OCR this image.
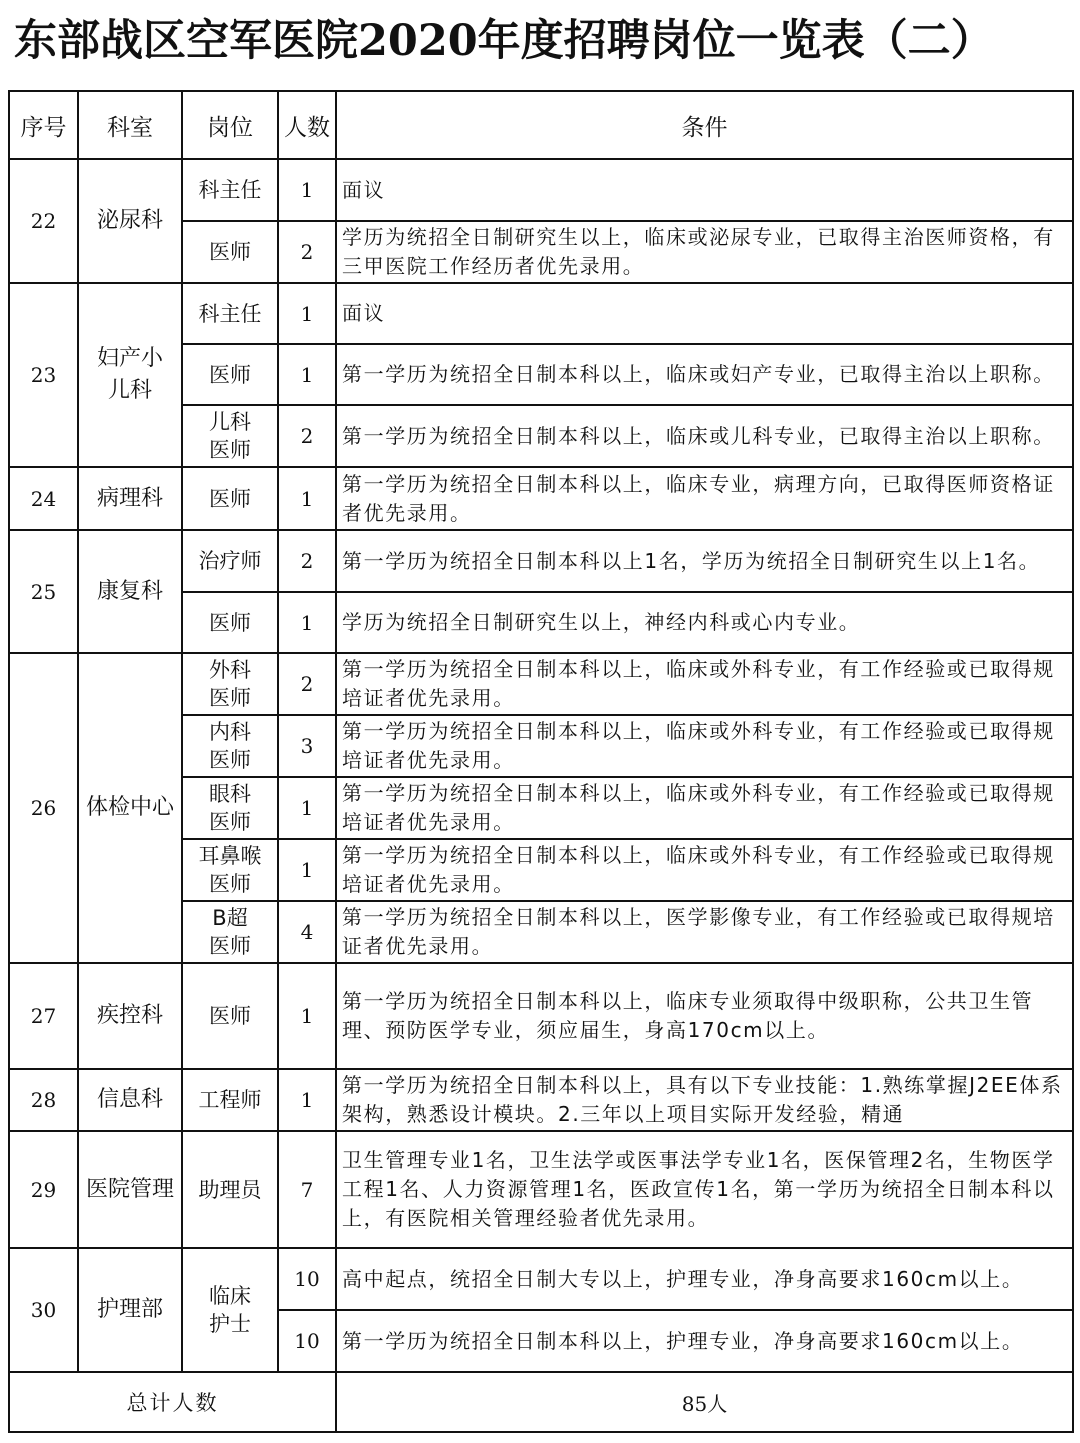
东部战区空军医院2020年度招聘岗位一览表（二）
序号	科室	岗位	人数	条件
22	泌尿科	科主任	1	面议
		医师	2	学历为统招全日制研究生以上，临床或泌尿专业，已取得主治医师资格，有三甲医院工作经历者优先录用。
23	妇产小儿科	科主任	1	面议
		医师	1	第一学历为统招全日制本科以上，临床或妇产专业，已取得主治以上职称。
		儿科医师	2	第一学历为统招全日制本科以上，临床或儿科专业，已取得主治以上职称。
24	病理科	医师	1	第一学历为统招全日制本科以上，临床专业，病理方向，已取得医师资格证者优先录用。
25	康复科	治疗师	2	第一学历为统招全日制本科以上1名，学历为统招全日制研究生以上1名。
		医师	1	学历为统招全日制研究生以上，神经内科或心内专业。
26	体检中心	外科医师	2	第一学历为统招全日制本科以上，临床或外科专业，有工作经验或已取得规培证者优先录用。
		内科医师	3	第一学历为统招全日制本科以上，临床或外科专业，有工作经验或已取得规培证者优先录用。
		眼科医师	1	第一学历为统招全日制本科以上，临床或外科专业，有工作经验或已取得规培证者优先录用。
		耳鼻喉医师	1	第一学历为统招全日制本科以上，临床或外科专业，有工作经验或已取得规培证者优先录用。
		B超医师	4	第一学历为统招全日制本科以上，医学影像专业，有工作经验或已取得规培证者优先录用。
27	疾控科	医师	1	第一学历为统招全日制本科以上，临床专业须取得中级职称，公共卫生管理、预防医学专业，须应届生，身高170cm以上。
28	信息科	工程师	1	第一学历为统招全日制本科以上，具有以下专业技能：1.熟练掌握J2EE体系架构，熟悉设计模块。2.三年以上项目实际开发经验，精通

29	医院管理	助理员	7	卫生管理专业1名，卫生法学或医事法学专业1名，医保管理2名，生物医学工程1名、人力资源管理1名，医政宣传1名，第一学历为统招全日制本科以上，有医院相关管理经验者优先录用。
30	护理部	临床护士	10	高中起点，统招全日制大专以上，护理专业，净身高要求160cm以上。
			10	第一学历为统招全日制本科以上，护理专业，净身高要求160cm以上。
总计人数				85人
